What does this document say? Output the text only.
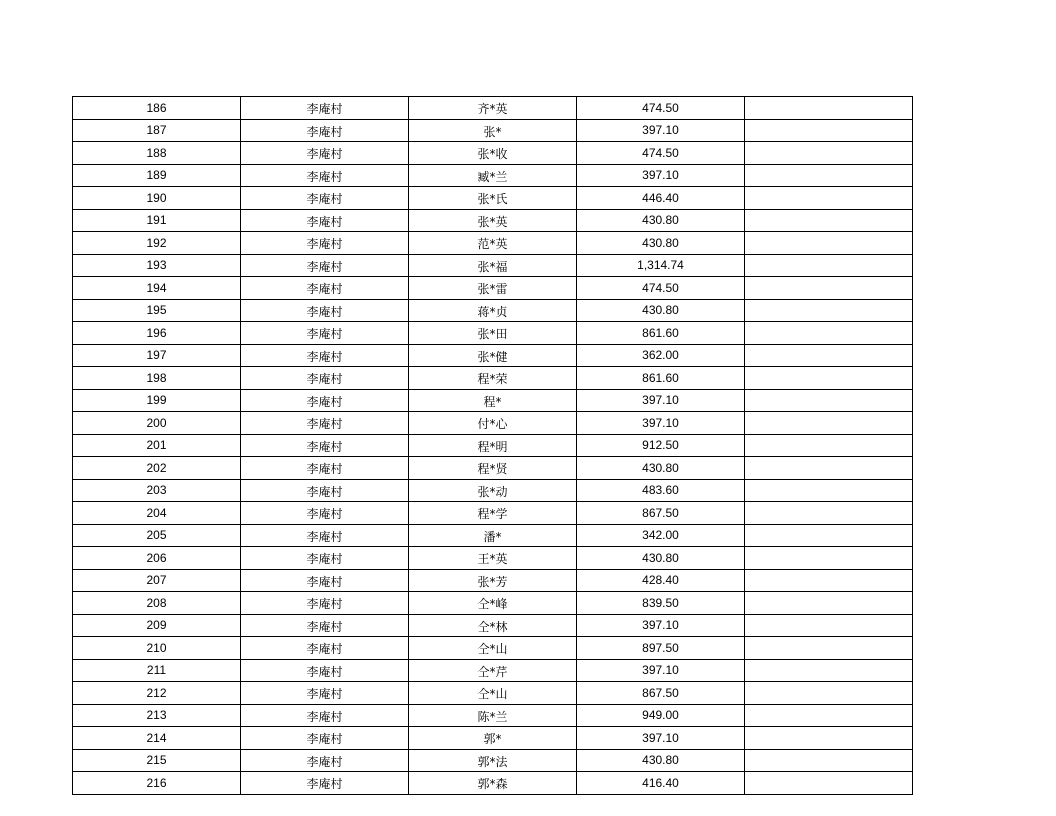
186	李庵村	齐*英	474.50	
187	李庵村	张*	397.10	
188	李庵村	张*收	474.50	
189	李庵村	臧*兰	397.10	
190	李庵村	张*氏	446.40	
191	李庵村	张*英	430.80	
192	李庵村	范*英	430.80	
193	李庵村	张*福	1,314.74	
194	李庵村	张*雷	474.50	
195	李庵村	蒋*贞	430.80	
196	李庵村	张*田	861.60	
197	李庵村	张*健	362.00	
198	李庵村	程*荣	861.60	
199	李庵村	程*	397.10	
200	李庵村	付*心	397.10	
201	李庵村	程*明	912.50	
202	李庵村	程*贤	430.80	
203	李庵村	张*动	483.60	
204	李庵村	程*学	867.50	
205	李庵村	潘*	342.00	
206	李庵村	王*英	430.80	
207	李庵村	张*芳	428.40	
208	李庵村	仝*峰	839.50	
209	李庵村	仝*林	397.10	
210	李庵村	仝*山	897.50	
211	李庵村	仝*芹	397.10	
212	李庵村	仝*山	867.50	
213	李庵村	陈*兰	949.00	
214	李庵村	郭*	397.10	
215	李庵村	郭*法	430.80	
216	李庵村	郭*森	416.40	
